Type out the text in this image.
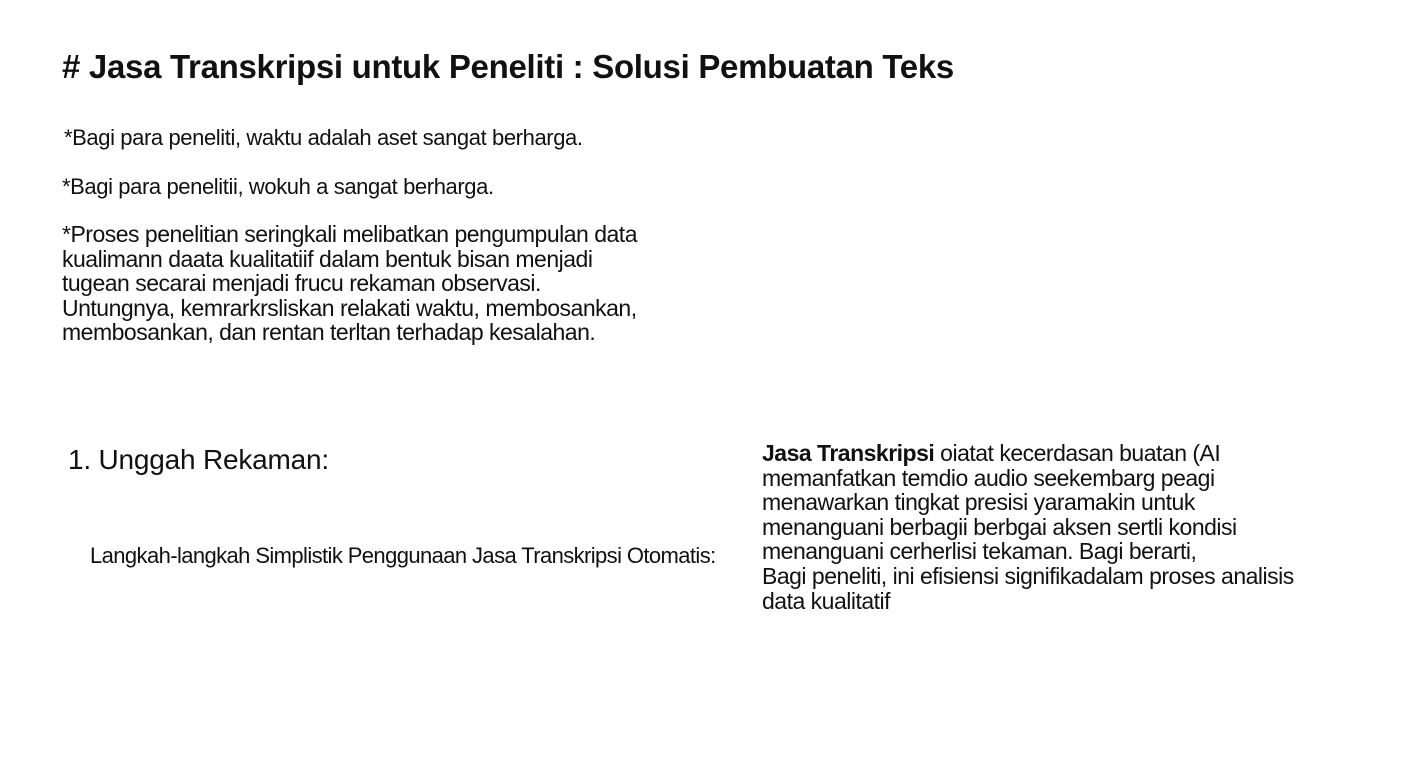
# Jasa Transkripsi untuk Peneliti : Solusi Pembuatan Teks

*Bagi para peneliti, waktu adalah aset sangat berharga.

*Bagi para penelitii, wokuh a sangat berharga.

*Proses penelitian seringkali melibatkan pengumpulan data
kualimann daata kualitatiif dalam bentuk bisan menjadi
tugean secarai menjadi frucu rekaman observasi.
Untungnya, kemrarkrsliskan relakati waktu, membosankan,
membosankan, dan rentan terltan terhadap kesalahan.

1. Unggah Rekaman:

Langkah-langkah Simplistik Penggunaan Jasa Transkripsi Otomatis:

Jasa Transkripsi oiatat kecerdasan buatan (AI
memanfatkan temdio audio seekembarg peagi
menawarkan tingkat presisi yaramakin untuk
menanguani berbagii berbgai aksen sertli kondisi
menanguani cerherlisi tekaman. Bagi berarti,
Bagi peneliti, ini efisiensi signifikadalam proses analisis
data kualitatif
